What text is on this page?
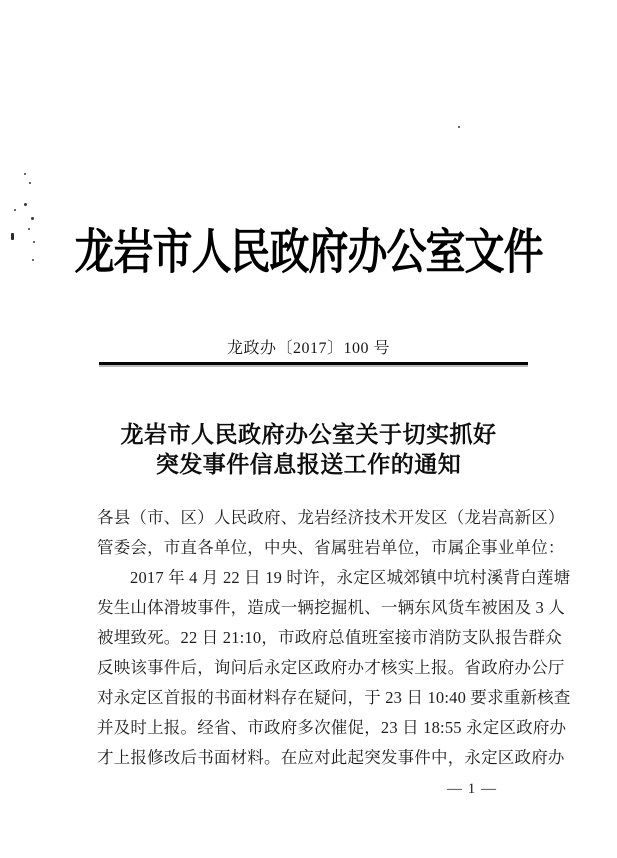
龙岩市人民政府办公室文件
龙政办〔2017〕100 号
龙岩市人民政府办公室关于切实抓好
突发事件信息报送工作的通知
各县（市、区）人民政府、龙岩经济技术开发区（龙岩高新区）
管委会，市直各单位，中央、省属驻岩单位，市属企事业单位：
2017 年 4 月 22 日 19 时许，永定区城郊镇中坑村溪背白莲塘
发生山体滑坡事件，造成一辆挖掘机、一辆东风货车被困及 3 人
被埋致死。22 日 21:10，市政府总值班室接市消防支队报告群众
反映该事件后，询问后永定区政府办才核实上报。省政府办公厅
对永定区首报的书面材料存在疑问，于 23 日 10:40 要求重新核查
并及时上报。经省、市政府多次催促，23 日 18:55 永定区政府办
才上报修改后书面材料。在应对此起突发事件中，永定区政府办
— 1 —
